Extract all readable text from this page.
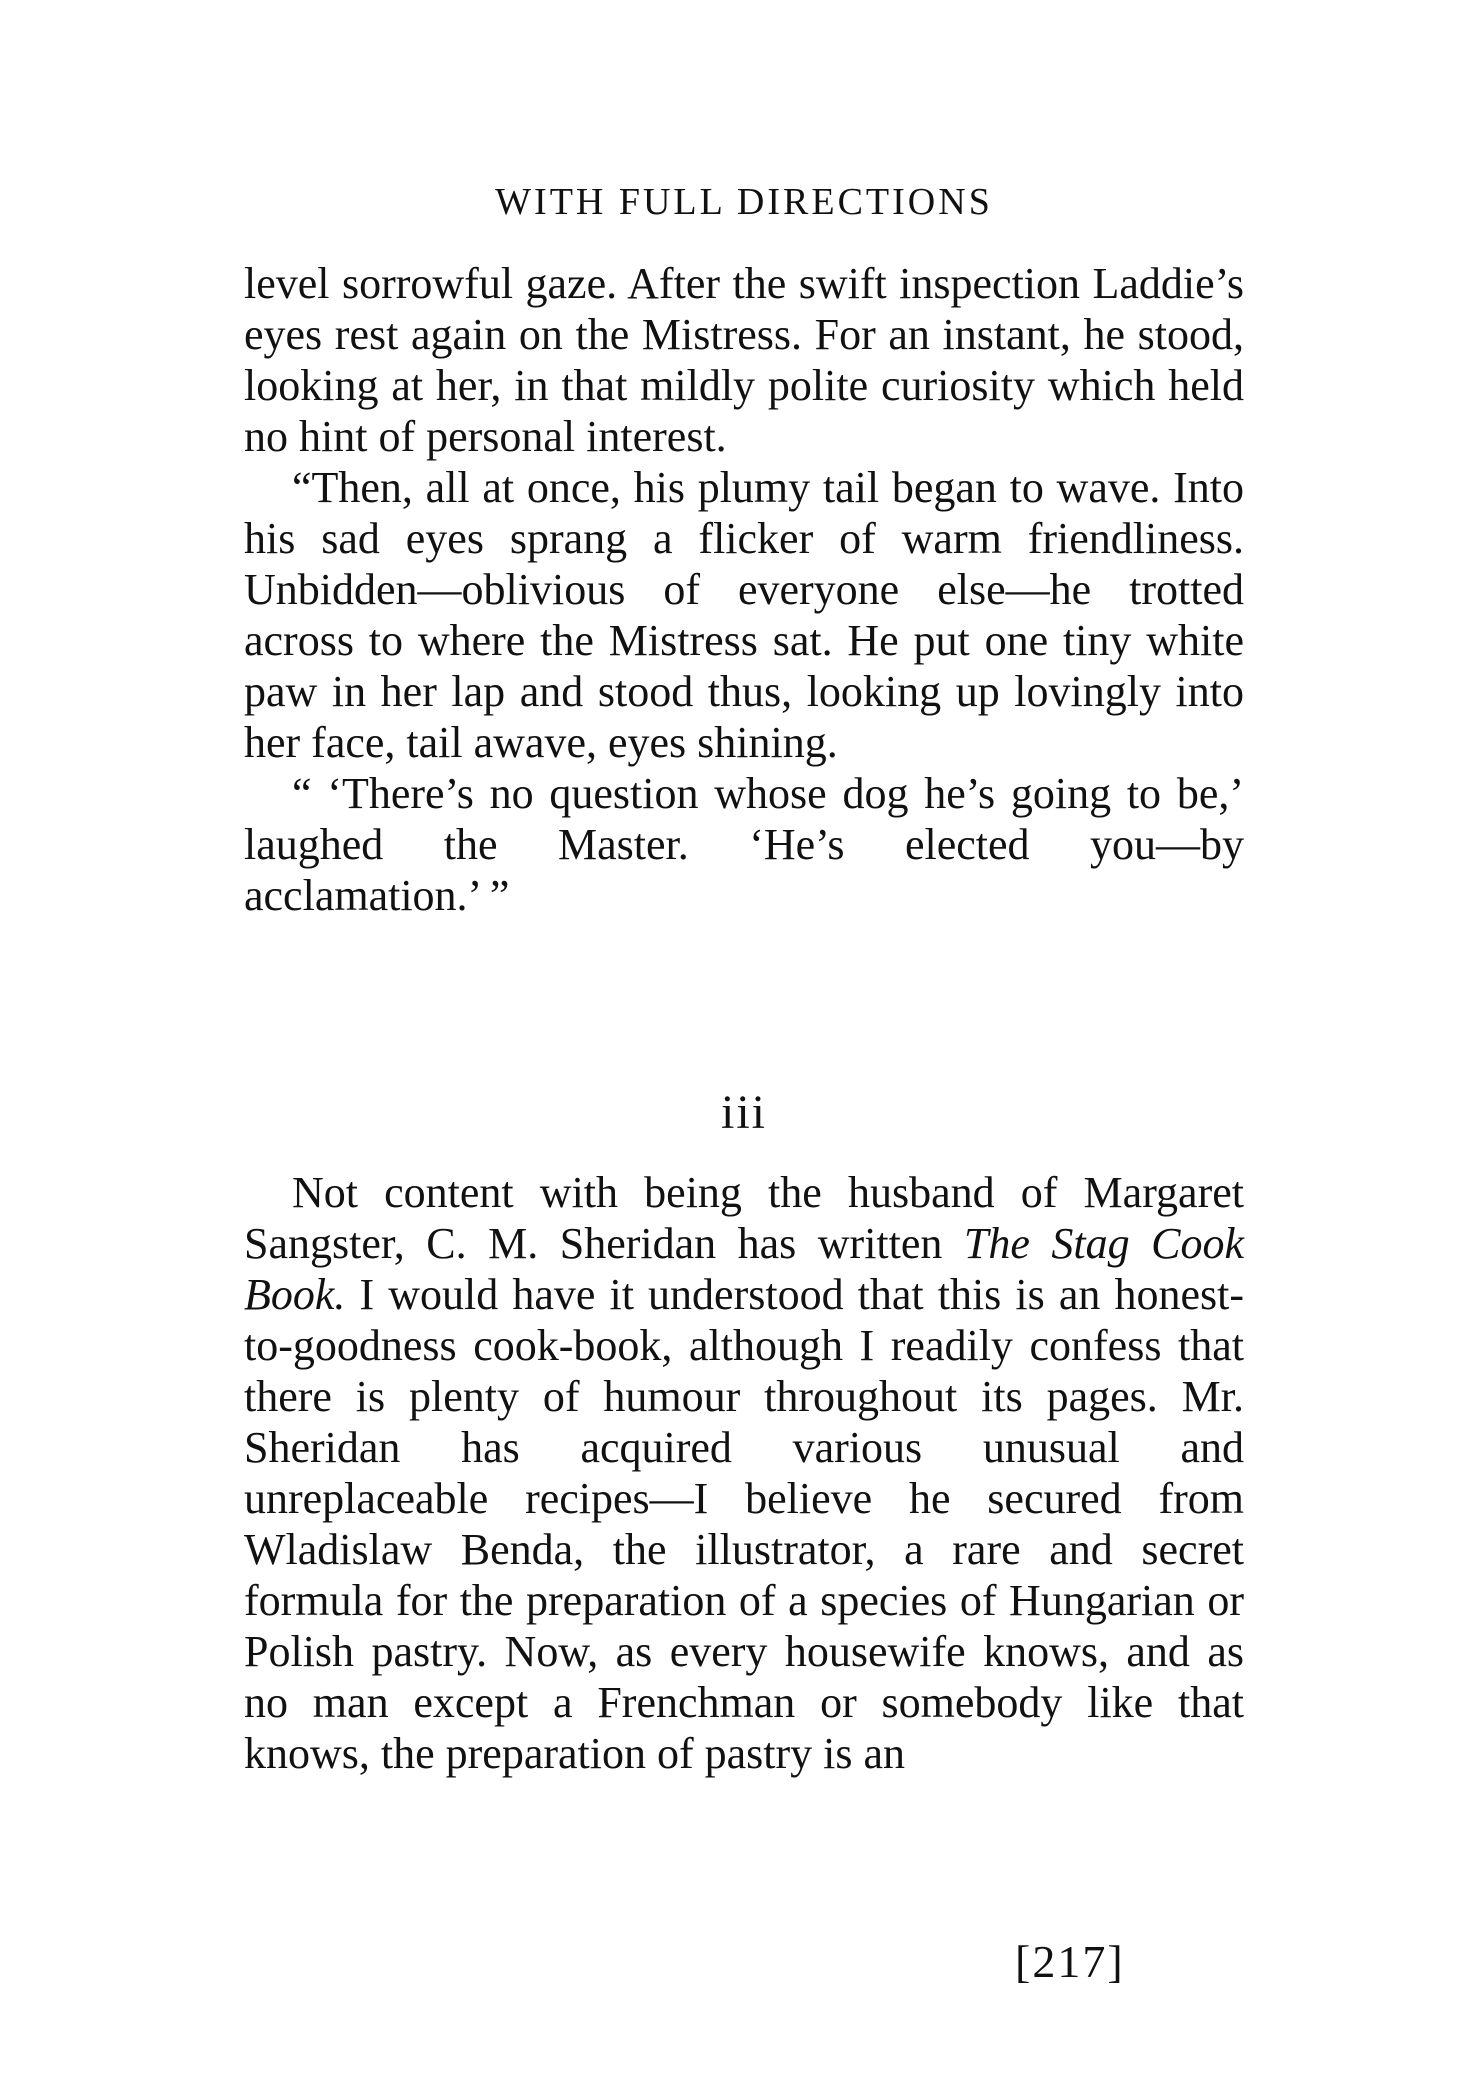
WITH FULL DIRECTIONS

level sorrowful gaze. After the swift inspection Laddie’s eyes rest again on the Mistress. For an instant, he stood, looking at her, in that mildly polite curiosity which held no hint of personal interest.

“Then, all at once, his plumy tail began to wave. Into his sad eyes sprang a flicker of warm friendliness. Unbidden—oblivious of everyone else—he trotted across to where the Mistress sat. He put one tiny white paw in her lap and stood thus, looking up lovingly into her face, tail awave, eyes shining.

“ ‘There’s no question whose dog he’s going to be,’ laughed the Master. ‘He’s elected you—by acclamation.’ ”

iii

Not content with being the husband of Margaret Sangster, C. M. Sheridan has written The Stag Cook Book. I would have it understood that this is an honest-to-goodness cook-book, although I readily confess that there is plenty of humour throughout its pages. Mr. Sheridan has acquired various unusual and unreplaceable recipes—I believe he secured from Wladislaw Benda, the illustrator, a rare and secret formula for the preparation of a species of Hungarian or Polish pastry. Now, as every housewife knows, and as no man except a Frenchman or somebody like that knows, the preparation of pastry is an

[217]
